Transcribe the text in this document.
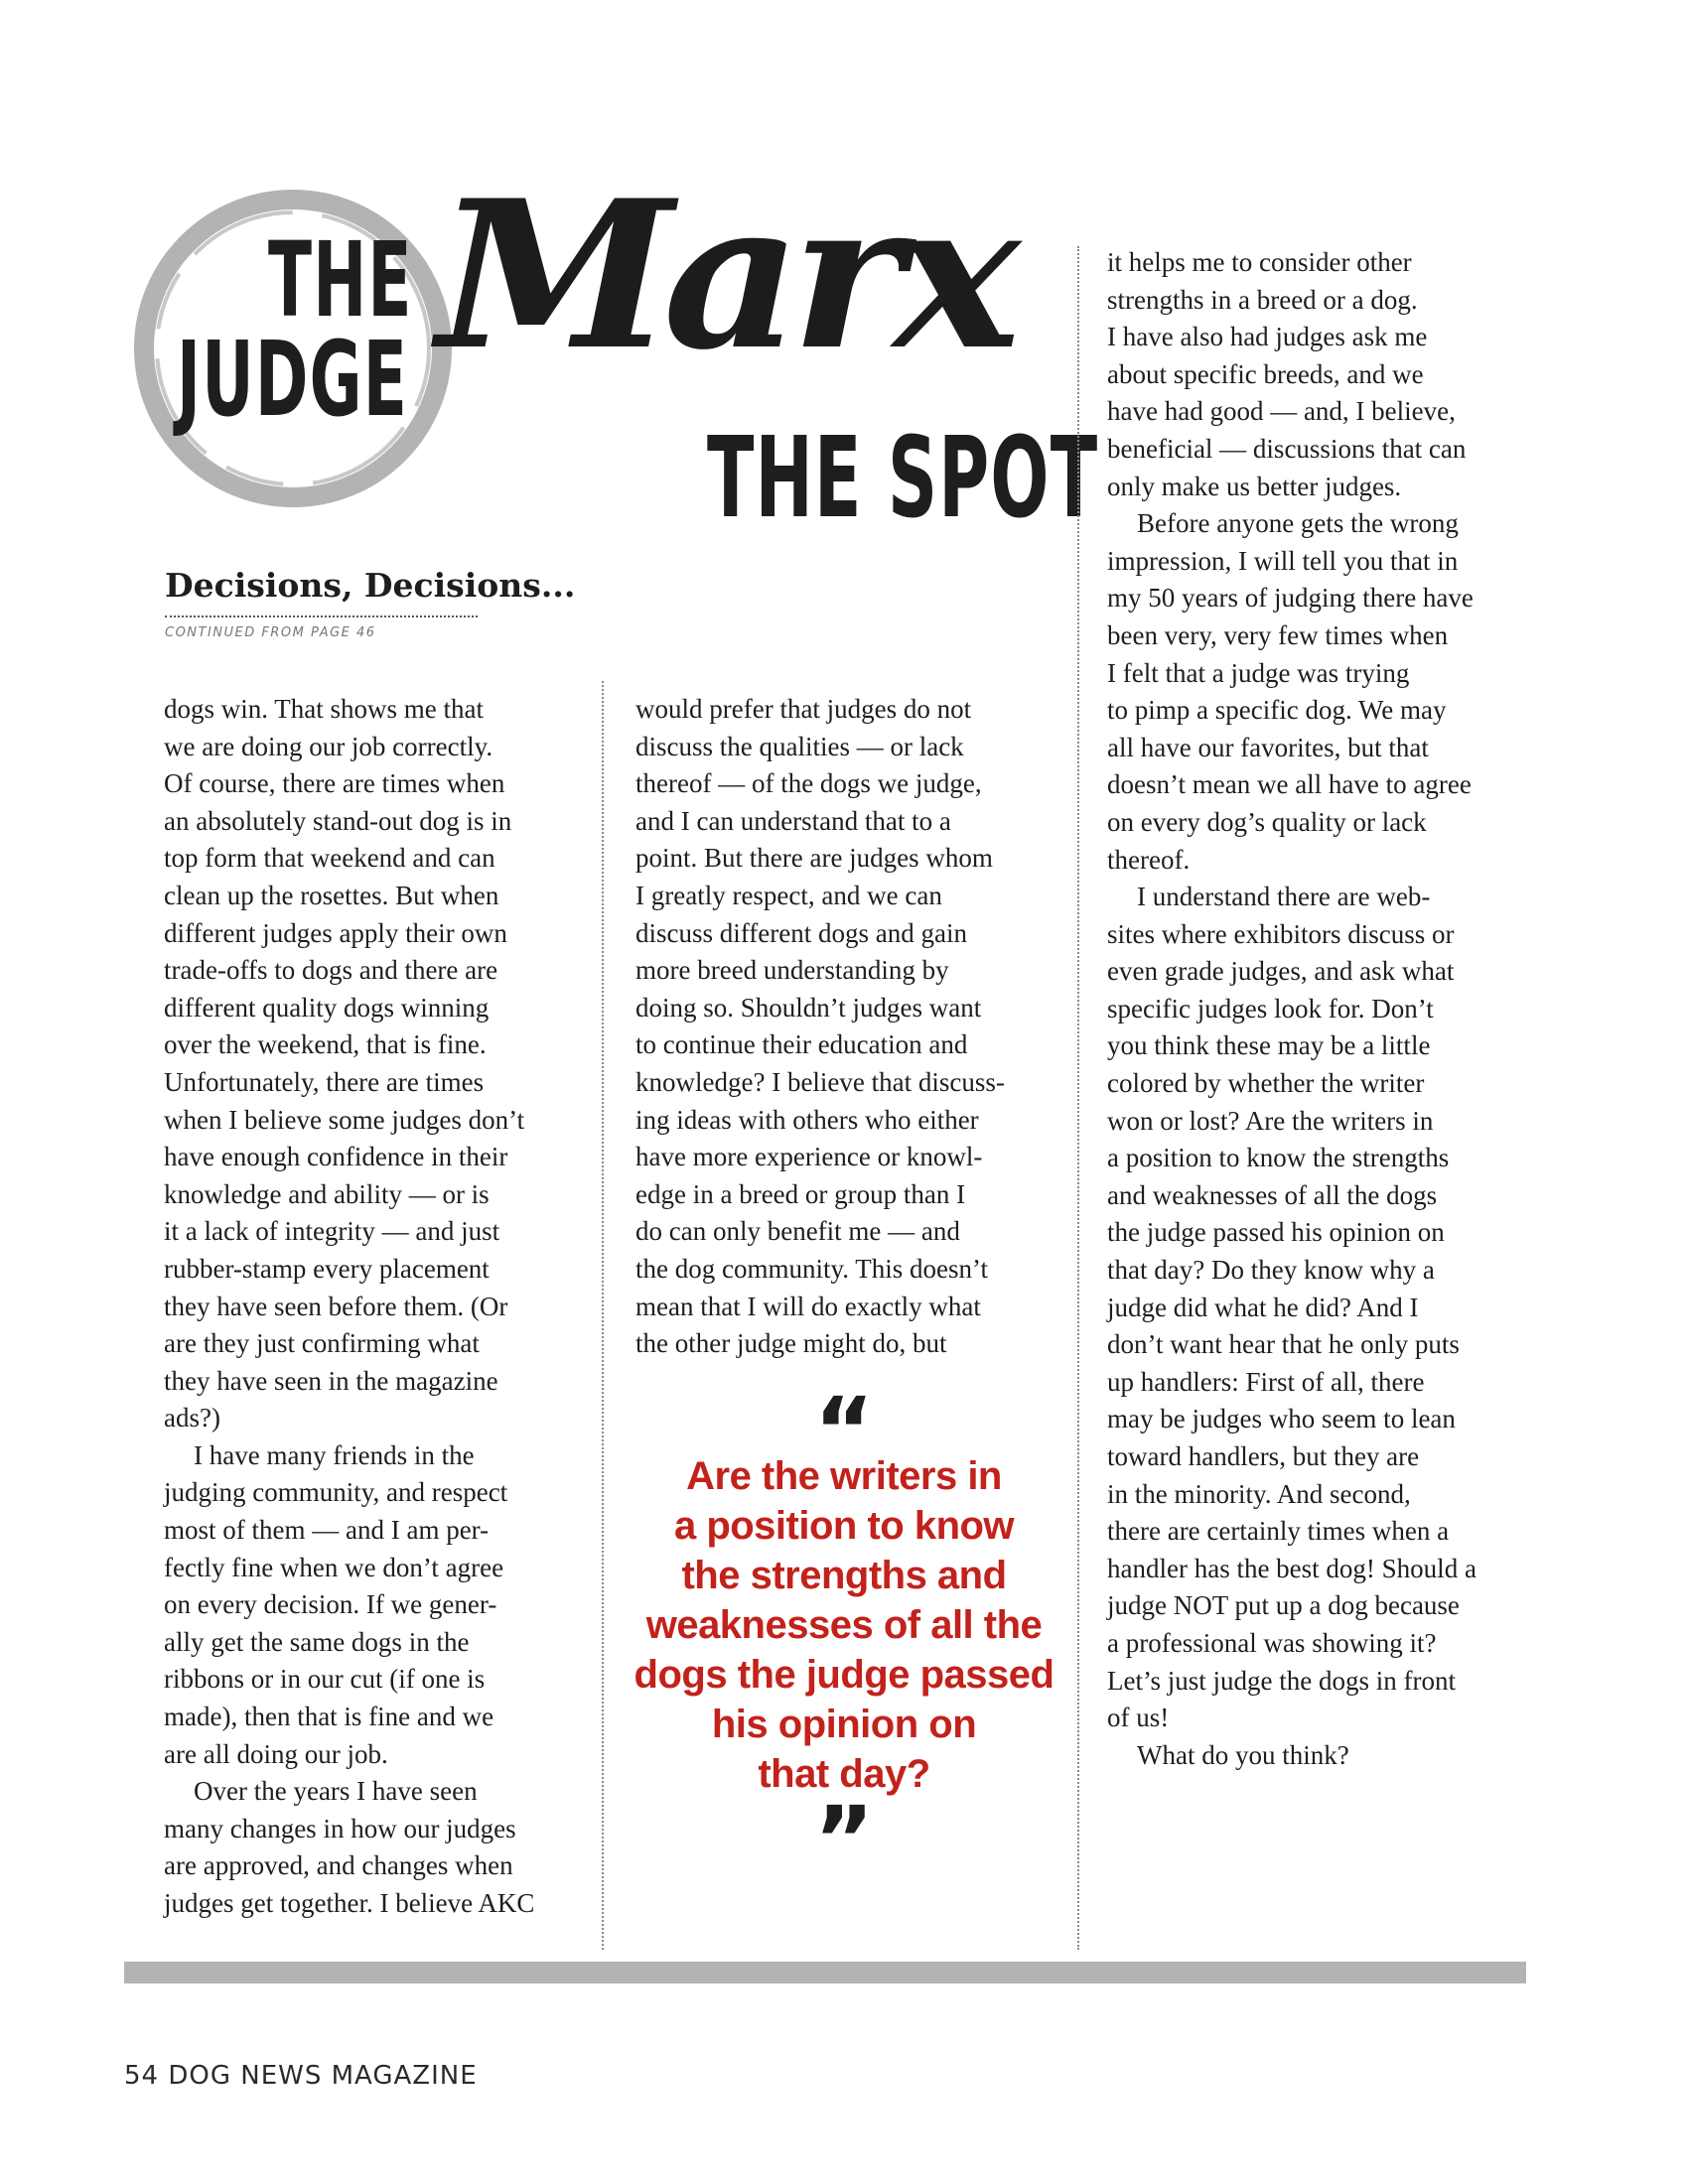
THE
JUDGE Marx
THE SPOT
Decisions, Decisions...
CONTINUED FROM PAGE 46

dogs win. That shows me that

we are doing our job correctly.

Of course, there are times when

an absolutely stand-out dog is in

top form that weekend and can

clean up the rosettes. But when

different judges apply their own

trade-offs to dogs and there are

different quality dogs winning

over the weekend, that is fine.

Unfortunately, there are times

when I believe some judges don’t

have enough confidence in their

knowledge and ability — or is

it a lack of integrity — and just

rubber-stamp every placement

they have seen before them. (Or

are they just confirming what

they have seen in the magazine

ads?)

I have many friends in the

judging community, and respect

most of them — and I am per-

fectly fine when we don’t agree

on every decision. If we gener-

ally get the same dogs in the

ribbons or in our cut (if one is

made), then that is fine and we

are all doing our job.

Over the years I have seen

many changes in how our judges

are approved, and changes when

judges get together. I believe AKC

would prefer that judges do not

discuss the qualities — or lack

thereof — of the dogs we judge,

and I can understand that to a

point. But there are judges whom

I greatly respect, and we can

discuss different dogs and gain

more breed understanding by

doing so. Shouldn’t judges want

to continue their education and

knowledge? I believe that discuss-

ing ideas with others who either

have more experience or knowl-

edge in a breed or group than I

do can only benefit me — and

the dog community. This doesn’t

mean that I will do exactly what

the other judge might do, but

it helps me to consider other

strengths in a breed or a dog.

I have also had judges ask me

about specific breeds, and we

have had good — and, I believe,

beneficial — discussions that can

only make us better judges.

Before anyone gets the wrong

impression, I will tell you that in

my 50 years of judging there have

been very, very few times when

I felt that a judge was trying

to pimp a specific dog. We may

all have our favorites, but that

doesn’t mean we all have to agree

on every dog’s quality or lack

thereof.

I understand there are web-

sites where exhibitors discuss or

even grade judges, and ask what

specific judges look for. Don’t

you think these may be a little

colored by whether the writer

won or lost? Are the writers in

a position to know the strengths

and weaknesses of all the dogs

the judge passed his opinion on

that day? Do they know why a

judge did what he did? And I

don’t want hear that he only puts

up handlers: First of all, there

may be judges who seem to lean

toward handlers, but they are

in the minority. And second,

there are certainly times when a

handler has the best dog! Should a

judge NOT put up a dog because

a professional was showing it?

Let’s just judge the dogs in front

of us!

What do you think?

“
Are the writers in
a position to know
the strengths and
weaknesses of all the
dogs the judge passed
his opinion on
that day?
”
54 DOG NEWS MAGAZINE
